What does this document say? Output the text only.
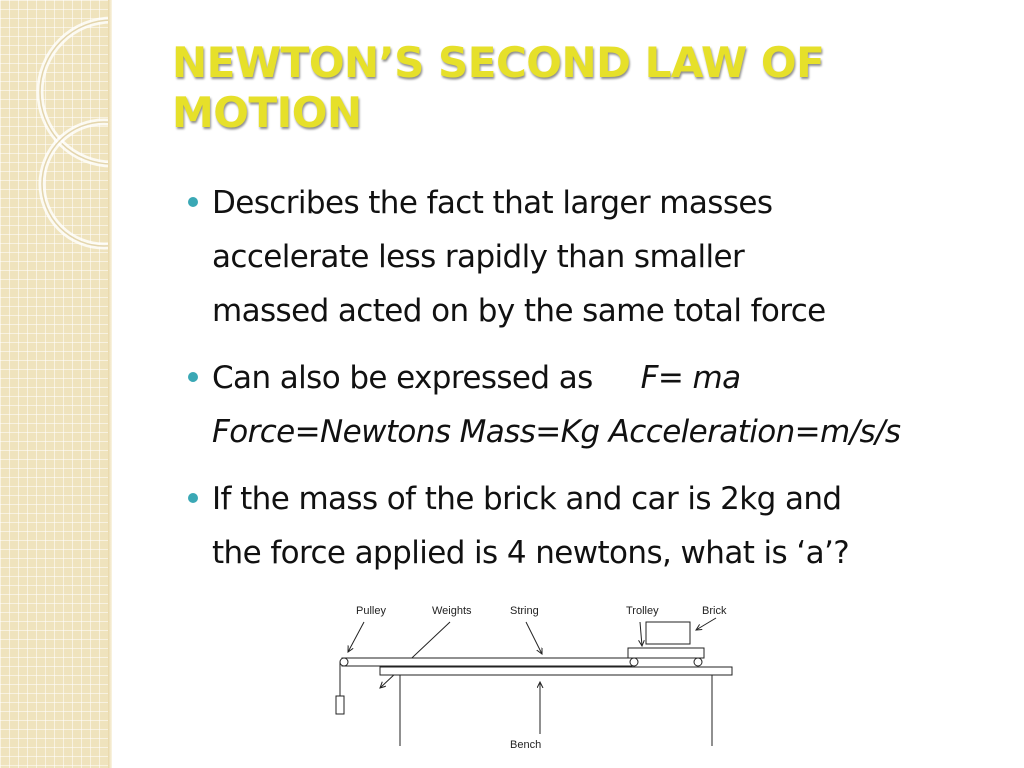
NEWTON’S SECOND LAW OF MOTION
Describes the fact that larger masses
accelerate less rapidly than smaller
massed acted on by the same total force
Can also be expressed as F= ma
Force=Newtons Mass=Kg Acceleration=m/s/s
If the mass of the brick and car is 2kg and
the force applied is 4 newtons, what is ‘a’?
Pulley	Weights	String	Trolley	Brick
Bench
